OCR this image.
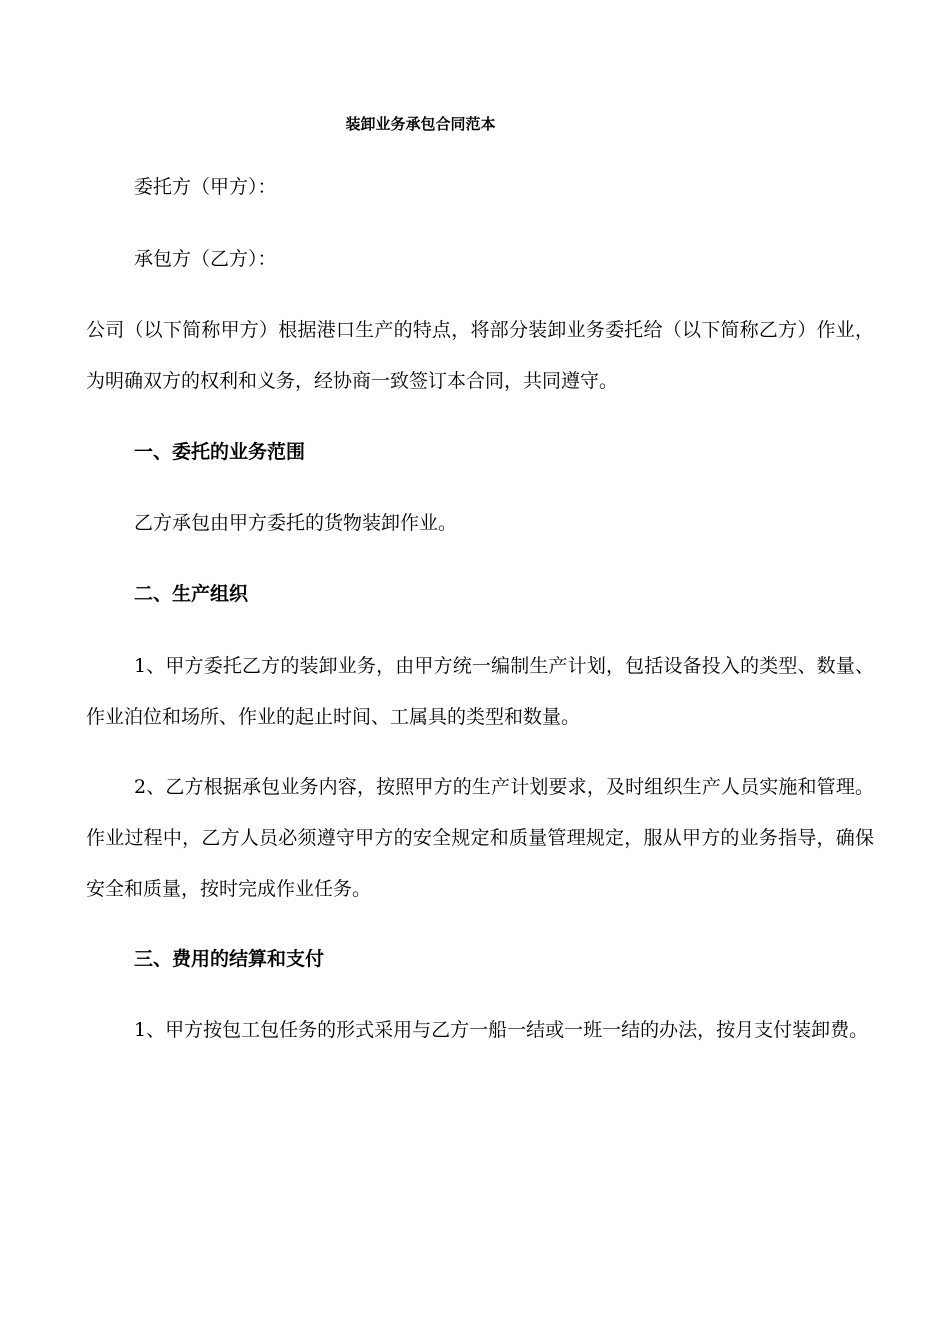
装卸业务承包合同范本
委托方（甲方）：
承包方（乙方）：
公司（以下简称甲方）根据港口生产的特点，将部分装卸业务委托给（以下简称乙方）作业，为明确双方的权利和义务，经协商一致签订本合同，共同遵守。
一、委托的业务范围
乙方承包由甲方委托的货物装卸作业。
二、生产组织
1、甲方委托乙方的装卸业务，由甲方统一编制生产计划，包括设备投入的类型、数量、作业泊位和场所、作业的起止时间、工属具的类型和数量。
2、乙方根据承包业务内容，按照甲方的生产计划要求，及时组织生产人员实施和管理。作业过程中，乙方人员必须遵守甲方的安全规定和质量管理规定，服从甲方的业务指导，确保安全和质量，按时完成作业任务。
三、费用的结算和支付
1、甲方按包工包任务的形式采用与乙方一船一结或一班一结的办法，按月支付装卸费。
